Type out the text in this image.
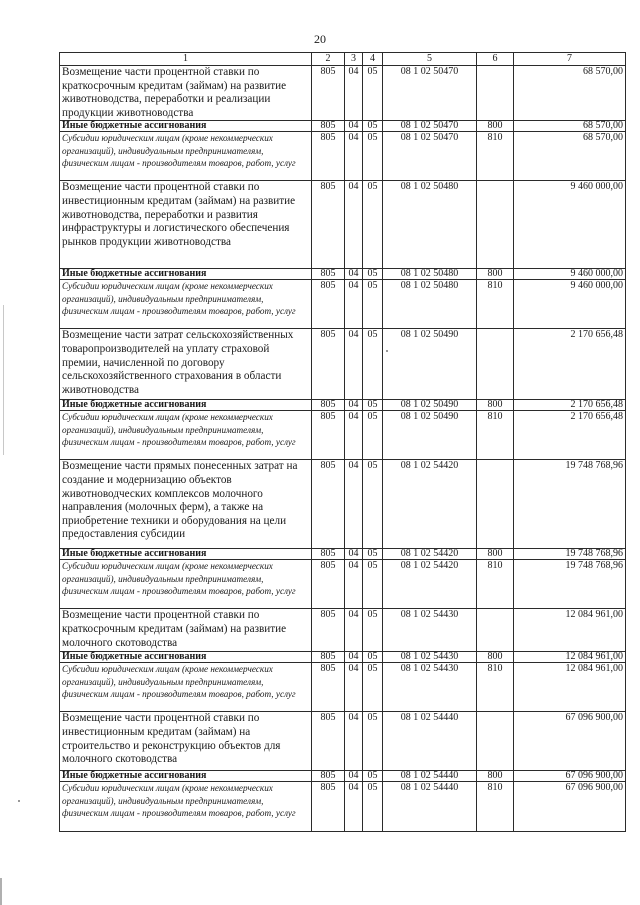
20
1	2	3	4	5	6	7
Возмещение части процентной ставки по краткосрочным кредитам (займам) на развитие животноводства, переработки и реализации продукции животноводства	805	04	05	08 1 02 50470		68 570,00
Иные бюджетные ассигнования	805	04	05	08 1 02 50470	800	68 570,00
Субсидии юридическим лицам (кроме некоммерческих организаций), индивидуальным предпринимателям, физическим лицам - производителям товаров, работ, услуг	805	04	05	08 1 02 50470	810	68 570,00
Возмещение части процентной ставки по инвестиционным кредитам (займам) на развитие животноводства, переработки и развития инфраструктуры и логистического обеспечения рынков продукции животноводства	805	04	05	08 1 02 50480		9 460 000,00
Иные бюджетные ассигнования	805	04	05	08 1 02 50480	800	9 460 000,00
Субсидии юридическим лицам (кроме некоммерческих организаций), индивидуальным предпринимателям, физическим лицам - производителям товаров, работ, услуг	805	04	05	08 1 02 50480	810	9 460 000,00
Возмещение части затрат сельскохозяйственных товаропроизводителей на уплату страховой премии, начисленной по договору сельскохозяйственного страхования в области животноводства	805	04	05	08 1 02 50490		2 170 656,48
Иные бюджетные ассигнования	805	04	05	08 1 02 50490	800	2 170 656,48
Субсидии юридическим лицам (кроме некоммерческих организаций), индивидуальным предпринимателям, физическим лицам - производителям товаров, работ, услуг	805	04	05	08 1 02 50490	810	2 170 656,48
Возмещение части прямых понесенных затрат на создание и модернизацию объектов животноводческих комплексов молочного направления (молочных ферм), а также на приобретение техники и оборудования на цели предоставления субсидии	805	04	05	08 1 02 54420		19 748 768,96
Иные бюджетные ассигнования	805	04	05	08 1 02 54420	800	19 748 768,96
Субсидии юридическим лицам (кроме некоммерческих организаций), индивидуальным предпринимателям, физическим лицам - производителям товаров, работ, услуг	805	04	05	08 1 02 54420	810	19 748 768,96
Возмещение части процентной ставки по краткосрочным кредитам (займам) на развитие молочного скотоводства	805	04	05	08 1 02 54430		12 084 961,00
Иные бюджетные ассигнования	805	04	05	08 1 02 54430	800	12 084 961,00
Субсидии юридическим лицам (кроме некоммерческих организаций), индивидуальным предпринимателям, физическим лицам - производителям товаров, работ, услуг	805	04	05	08 1 02 54430	810	12 084 961,00
Возмещение части процентной ставки по инвестиционным кредитам (займам) на строительство и реконструкцию объектов для молочного скотоводства	805	04	05	08 1 02 54440		67 096 900,00
Иные бюджетные ассигнования	805	04	05	08 1 02 54440	800	67 096 900,00
Субсидии юридическим лицам (кроме некоммерческих организаций), индивидуальным предпринимателям, физическим лицам - производителям товаров, работ, услуг	805	04	05	08 1 02 54440	810	67 096 900,00
